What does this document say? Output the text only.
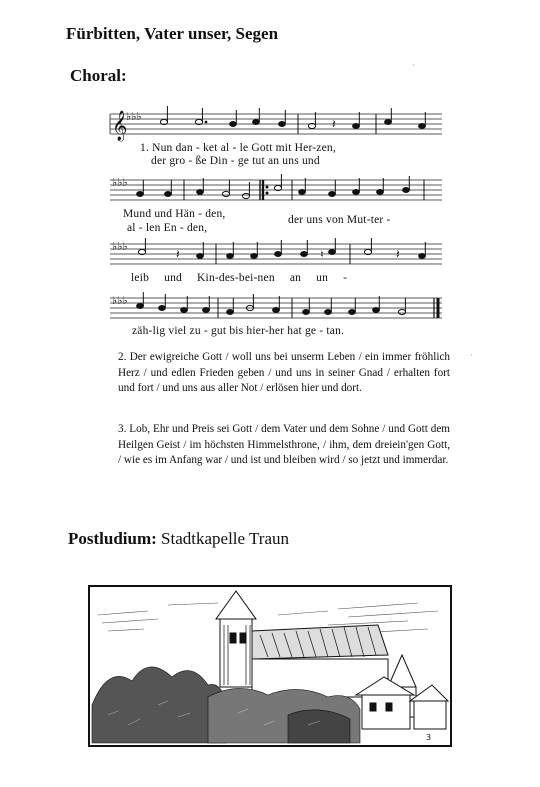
Fürbitten, Vater unser, Segen
Choral:
𝄞
♭♭♭
𝄽
1. Nun dan - ket al - le Gott mit Her-zen,
der gro - ße Din - ge tut an uns und
♭♭♭
Mund und Hän - den,
al - len En - den,
der uns von Mut-ter -
♭♭♭
𝄽	♮	𝄽
leib und Kin-des-bei-nen an un -
♭♭♭
zäh-lig viel zu - gut bis hier-her hat ge - tan.
2. Der ewigreiche Gott / woll uns bei unserm Leben / ein immer fröhlich Herz / und edlen Frieden geben / und uns in seiner Gnad / erhalten fort und fort / und uns aus aller Not / erlösen hier und dort.
3. Lob, Ehr und Preis sei Gott / dem Vater und dem Sohne / und Gott dem Heilgen Geist / im höchsten Himmelsthrone, / ihm, dem dreiein'gen Gott, / wie es im Anfang war / und ist und bleiben wird / so jetzt und immerdar.
Postludium: Stadtkapelle Traun
3
·
·
